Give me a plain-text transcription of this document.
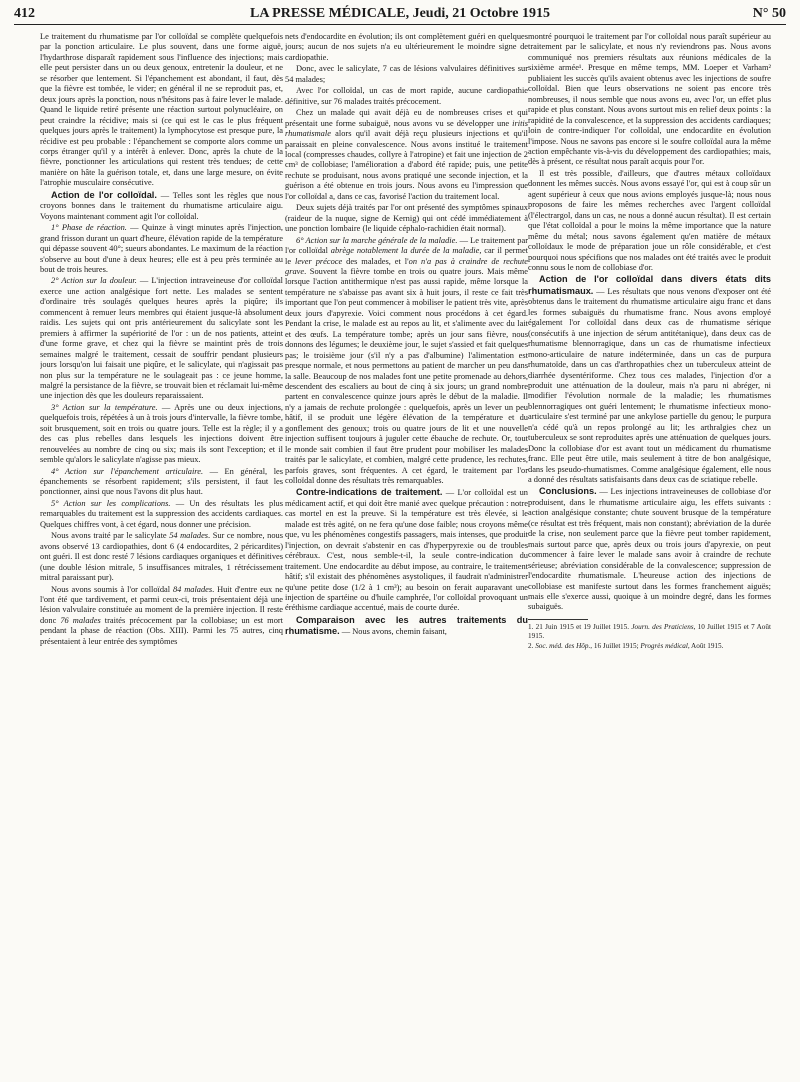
412	LA PRESSE MÉDICALE, Jeudi, 21 Octobre 1915	N° 50

Le traitement du rhumatisme par l'or colloïdal se complète quelquefois par la ponction articulaire. Le plus souvent, dans une forme aiguë, l'hydarthrose disparaît rapidement sous l'influence des injections; mais elle peut persister dans un ou deux genoux, entretenir la douleur, et ne se résorber que lentement. Si l'épanchement est abondant, il faut, dès que la fièvre est tombée, le vider; en général il ne se reproduit pas, et, deux jours après la ponction, nous n'hésitons pas à faire lever le malade. Quand le liquide retiré présente une réaction surtout polynucléaire, on peut craindre la récidive; mais si (ce qui est le cas le plus fréquent quelques jours après le traitement) la lymphocytose est presque pure, la récidive est peu probable : l'épanchement se comporte alors comme un corps étranger qu'il y a intérêt à enlever. Donc, après la chute de la fièvre, ponctionner les articulations qui restent très tendues; de cette manière on hâte la guérison totale, et, dans une large mesure, on évite l'atrophie musculaire consécutive.

Action de l'or colloïdal. — Telles sont les règles que nous croyons bonnes dans le traitement du rhumatisme articulaire aigu. Voyons maintenant comment agit l'or colloïdal.

1° Phase de réaction. — Quinze à vingt minutes après l'injection, grand frisson durant un quart d'heure, élévation rapide de la température qui dépasse souvent 40°; sueurs abondantes. Le maximum de la réaction s'observe au bout d'une à deux heures; elle est à peu près terminée au bout de trois heures.

2° Action sur la douleur. — L'injection intraveineuse d'or colloïdal exerce une action analgésique fort nette. Les malades se sentent d'ordinaire très soulagés quelques heures après la piqûre; ils commencent à remuer leurs membres qui étaient jusque-là absolument raidis. Les sujets qui ont pris antérieurement du salicylate sont les premiers à affirmer la supériorité de l'or : un de nos patients, atteint d'une forme grave, et chez qui la fièvre se maintint près de trois semaines malgré le traitement, cessait de souffrir pendant plusieurs jours lorsqu'on lui faisait une piqûre, et le salicylate, qui n'agissait pas non plus sur la température ne le soulageait pas : ce jeune homme, malgré la persistance de la fièvre, se trouvait bien et réclamait lui-même une injection dès que les douleurs reparaissaient.

3° Action sur la température. — Après une ou deux injections, quelquefois trois, répétées à un à trois jours d'intervalle, la fièvre tombe, soit brusquement, soit en trois ou quatre jours. Telle est la règle; il y a des cas plus rebelles dans lesquels les injections doivent être renouvelées au nombre de cinq ou six; mais ils sont l'exception; et il semble qu'alors le salicylate n'agisse pas mieux.

4° Action sur l'épanchement articulaire. — En général, les épanchements se résorbent rapidement; s'ils persistent, il faut les ponctionner, ainsi que nous l'avons dit plus haut.

5° Action sur les complications. — Un des résultats les plus remarquables du traitement est la suppression des accidents cardiaques. Quelques chiffres vont, à cet égard, nous donner une précision.

Nous avons traité par le salicylate 54 malades. Sur ce nombre, nous avons observé 13 cardiopathies, dont 6 (4 endocardites, 2 péricardites) ont guéri. Il est donc resté 7 lésions cardiaques organiques et définitives (une double lésion mitrale, 5 insuffisances mitrales, 1 rétrécissement mitral paraissant pur).

Nous avons soumis à l'or colloïdal 84 malades. Huit d'entre eux ne l'ont été que tardivement, et parmi ceux-ci, trois présentaient déjà une lésion valvulaire constituée au moment de la première injection. Il reste donc 76 malades traités précocement par la collobiase; un est mort pendant la phase de réaction (Obs. XIII). Parmi les 75 autres, cinq présentaient à leur entrée des symptômes

nets d'endocardite en évolution; ils ont complètement guéri en quelques jours; aucun de nos sujets n'a eu ultérieurement le moindre signe de cardiopathie.

Donc, avec le salicylate, 7 cas de lésions valvulaires définitives sur 54 malades;

Avec l'or colloïdal, un cas de mort rapide, aucune cardiopathie définitive, sur 76 malades traités précocement.

Chez un malade qui avait déjà eu de nombreuses crises et qui présentait une forme subaiguë, nous avons vu se développer une iritis rhumatismale alors qu'il avait déjà reçu plusieurs injections et qu'il paraissait en pleine convalescence. Nous avons institué le traitement local (compresses chaudes, collyre à l'atropine) et fait une injection de 2 cm³ de collobiase; l'amélioration a d'abord été rapide; puis, une petite rechute se produisant, nous avons pratiqué une seconde injection, et la guérison a été obtenue en trois jours. Nous avons eu l'impression que l'or colloïdal a, dans ce cas, favorisé l'action du traitement local.

Deux sujets déjà traités par l'or ont présenté des symptômes spinaux (raideur de la nuque, signe de Kernig) qui ont cédé immédiatement à une ponction lombaire (le liquide céphalo-rachidien était normal).

6° Action sur la marche générale de la maladie. — Le traitement par l'or colloïdal abrège notablement la durée de la maladie, car il permet le lever précoce des malades, et l'on n'a pas à craindre de rechute grave. Souvent la fièvre tombe en trois ou quatre jours. Mais même lorsque l'action antithermique n'est pas aussi rapide, même lorsque la température ne s'abaisse pas avant six à huit jours, il reste ce fait très important que l'on peut commencer à mobiliser le patient très vite, après deux jours d'apyrexie. Voici comment nous procédons à cet égard. Pendant la crise, le malade est au repos au lit, et s'alimente avec du lait et des œufs. La température tombe; après un jour sans fièvre, nous donnons des légumes; le deuxième jour, le sujet s'assied et fait quelques pas; le troisième jour (s'il n'y a pas d'albumine) l'alimentation est presque normale, et nous permettons au patient de marcher un peu dans la salle. Beaucoup de nos malades font une petite promenade au dehors, descendent des escaliers au bout de cinq à six jours; un grand nombre partent en convalescence quinze jours après le début de la maladie. Il n'y a jamais de rechute prolongée : quelquefois, après un lever un peu hâtif, il se produit une légère élévation de la température et du gonflement des genoux; trois ou quatre jours de lit et une nouvelle injection suffisent toujours à juguler cette ébauche de rechute. Or, tout le monde sait combien il faut être prudent pour mobiliser les malades traités par le salicylate, et combien, malgré cette prudence, les rechutes, parfois graves, sont fréquentes. A cet égard, le traitement par l'or colloïdal donne des résultats très remarquables.

Contre-indications de traitement. — L'or colloïdal est un médicament actif, et qui doit être manié avec quelque précaution : notre cas mortel en est la preuve. Si la température est très élevée, si le malade est très agité, on ne fera qu'une dose faible; nous croyons même que, vu les phénomènes congestifs passagers, mais intenses, que produit l'injection, on devrait s'abstenir en cas d'hyperpyrexie ou de troubles cérébraux. C'est, nous semble-t-il, la seule contre-indication du traitement. Une endocardite au début impose, au contraire, le traitement hâtif; s'il existait des phénomènes asystoliques, il faudrait n'administrer qu'une petite dose (1/2 à 1 cm³); au besoin on ferait auparavant une injection de spartéine ou d'huile camphrée, l'or colloïdal provoquant un éréthisme cardiaque accentué, mais de courte durée.

Comparaison avec les autres traitements du rhumatisme. — Nous avons, chemin faisant,

montré pourquoi le traitement par l'or colloïdal nous paraît supérieur au traitement par le salicylate, et nous n'y reviendrons pas. Nous avons communiqué nos premiers résultats aux réunions médicales de la sixième armée¹. Presque en même temps, MM. Loeper et Varham² publiaient les succès qu'ils avaient obtenus avec les injections de soufre colloïdal. Bien que leurs observations ne soient pas encore très nombreuses, il nous semble que nous avons eu, avec l'or, un effet plus rapide et plus constant. Nous avons surtout mis en relief deux points : la rapidité de la convalescence, et la suppression des accidents cardiaques; loin de contre-indiquer l'or colloïdal, une endocardite en évolution l'impose. Nous ne savons pas encore si le soufre colloïdal aura la même action empêchante vis-à-vis du développement des cardiopathies; mais, dès à présent, ce résultat nous paraît acquis pour l'or.

Il est très possible, d'ailleurs, que d'autres métaux colloïdaux donnent les mêmes succès. Nous avons essayé l'or, qui est à coup sûr un agent supérieur à ceux que nous avions employés jusque-là; nous nous proposons de faire les mêmes recherches avec l'argent colloïdal (l'électrargol, dans un cas, ne nous a donné aucun résultat). Il est certain que l'état colloïdal a pour le moins la même importance que la nature même du métal; nous savons également qu'en matière de métaux colloïdaux le mode de préparation joue un rôle considérable, et c'est pourquoi nous spécifions que nos malades ont été traités avec le produit connu sous le nom de collobiase d'or.

Action de l'or colloïdal dans divers états dits rhumatismaux. — Les résultats que nous venons d'exposer ont été obtenus dans le traitement du rhumatisme articulaire aigu franc et dans les formes subaiguës du rhumatisme franc. Nous avons employé également l'or colloïdal dans deux cas de rhumatisme sérique (consécutifs à une injection de sérum antitétanique), dans deux cas de rhumatisme blennorragique, dans un cas de rhumatisme infectieux mono-articulaire de nature indéterminée, dans un cas de purpura rhumatoïde, dans un cas d'arthropathies chez un tuberculeux atteint de diarrhée dysentériforme. Chez tous ces malades, l'injection d'or a produit une atténuation de la douleur, mais n'a paru ni abréger, ni modifier l'évolution normale de la maladie; les rhumatismes blennorragiques ont guéri lentement; le rhumatisme infectieux mono-articulaire s'est terminé par une ankylose partielle du genou; le purpura n'a cédé qu'à un repos prolongé au lit; les arthralgies chez un tuberculeux se sont reproduites après une atténuation de quelques jours. Donc la collobiase d'or est avant tout un médicament du rhumatisme franc. Elle peut être utile, mais seulement à titre de bon analgésique, dans les pseudo-rhumatismes. Comme analgésique également, elle nous a donné des résultats satisfaisants dans deux cas de sciatique rebelle.

Conclusions. — Les injections intraveineuses de collobiase d'or produisent, dans le rhumatisme articulaire aigu, les effets suivants : action analgésique constante; chute souvent brusque de la température (ce résultat est très fréquent, mais non constant); abréviation de la durée de la crise, non seulement parce que la fièvre peut tomber rapidement, mais surtout parce que, après deux ou trois jours d'apyrexie, on peut commencer à faire lever le malade sans avoir à craindre de rechute sérieuse; abréviation considérable de la convalescence; suppression de l'endocardite rhumatismale. L'heureuse action des injections de collobiase est manifeste surtout dans les formes franchement aiguës; mais elle s'exerce aussi, quoique à un moindre degré, dans les formes subaiguës.

1. 21 Juin 1915 et 19 Juillet 1915. Journ. des Praticiens, 10 Juillet 1915 et 7 Août 1915.

2. Soc. méd. des Hôp., 16 Juillet 1915; Progrès médical, Août 1915.
